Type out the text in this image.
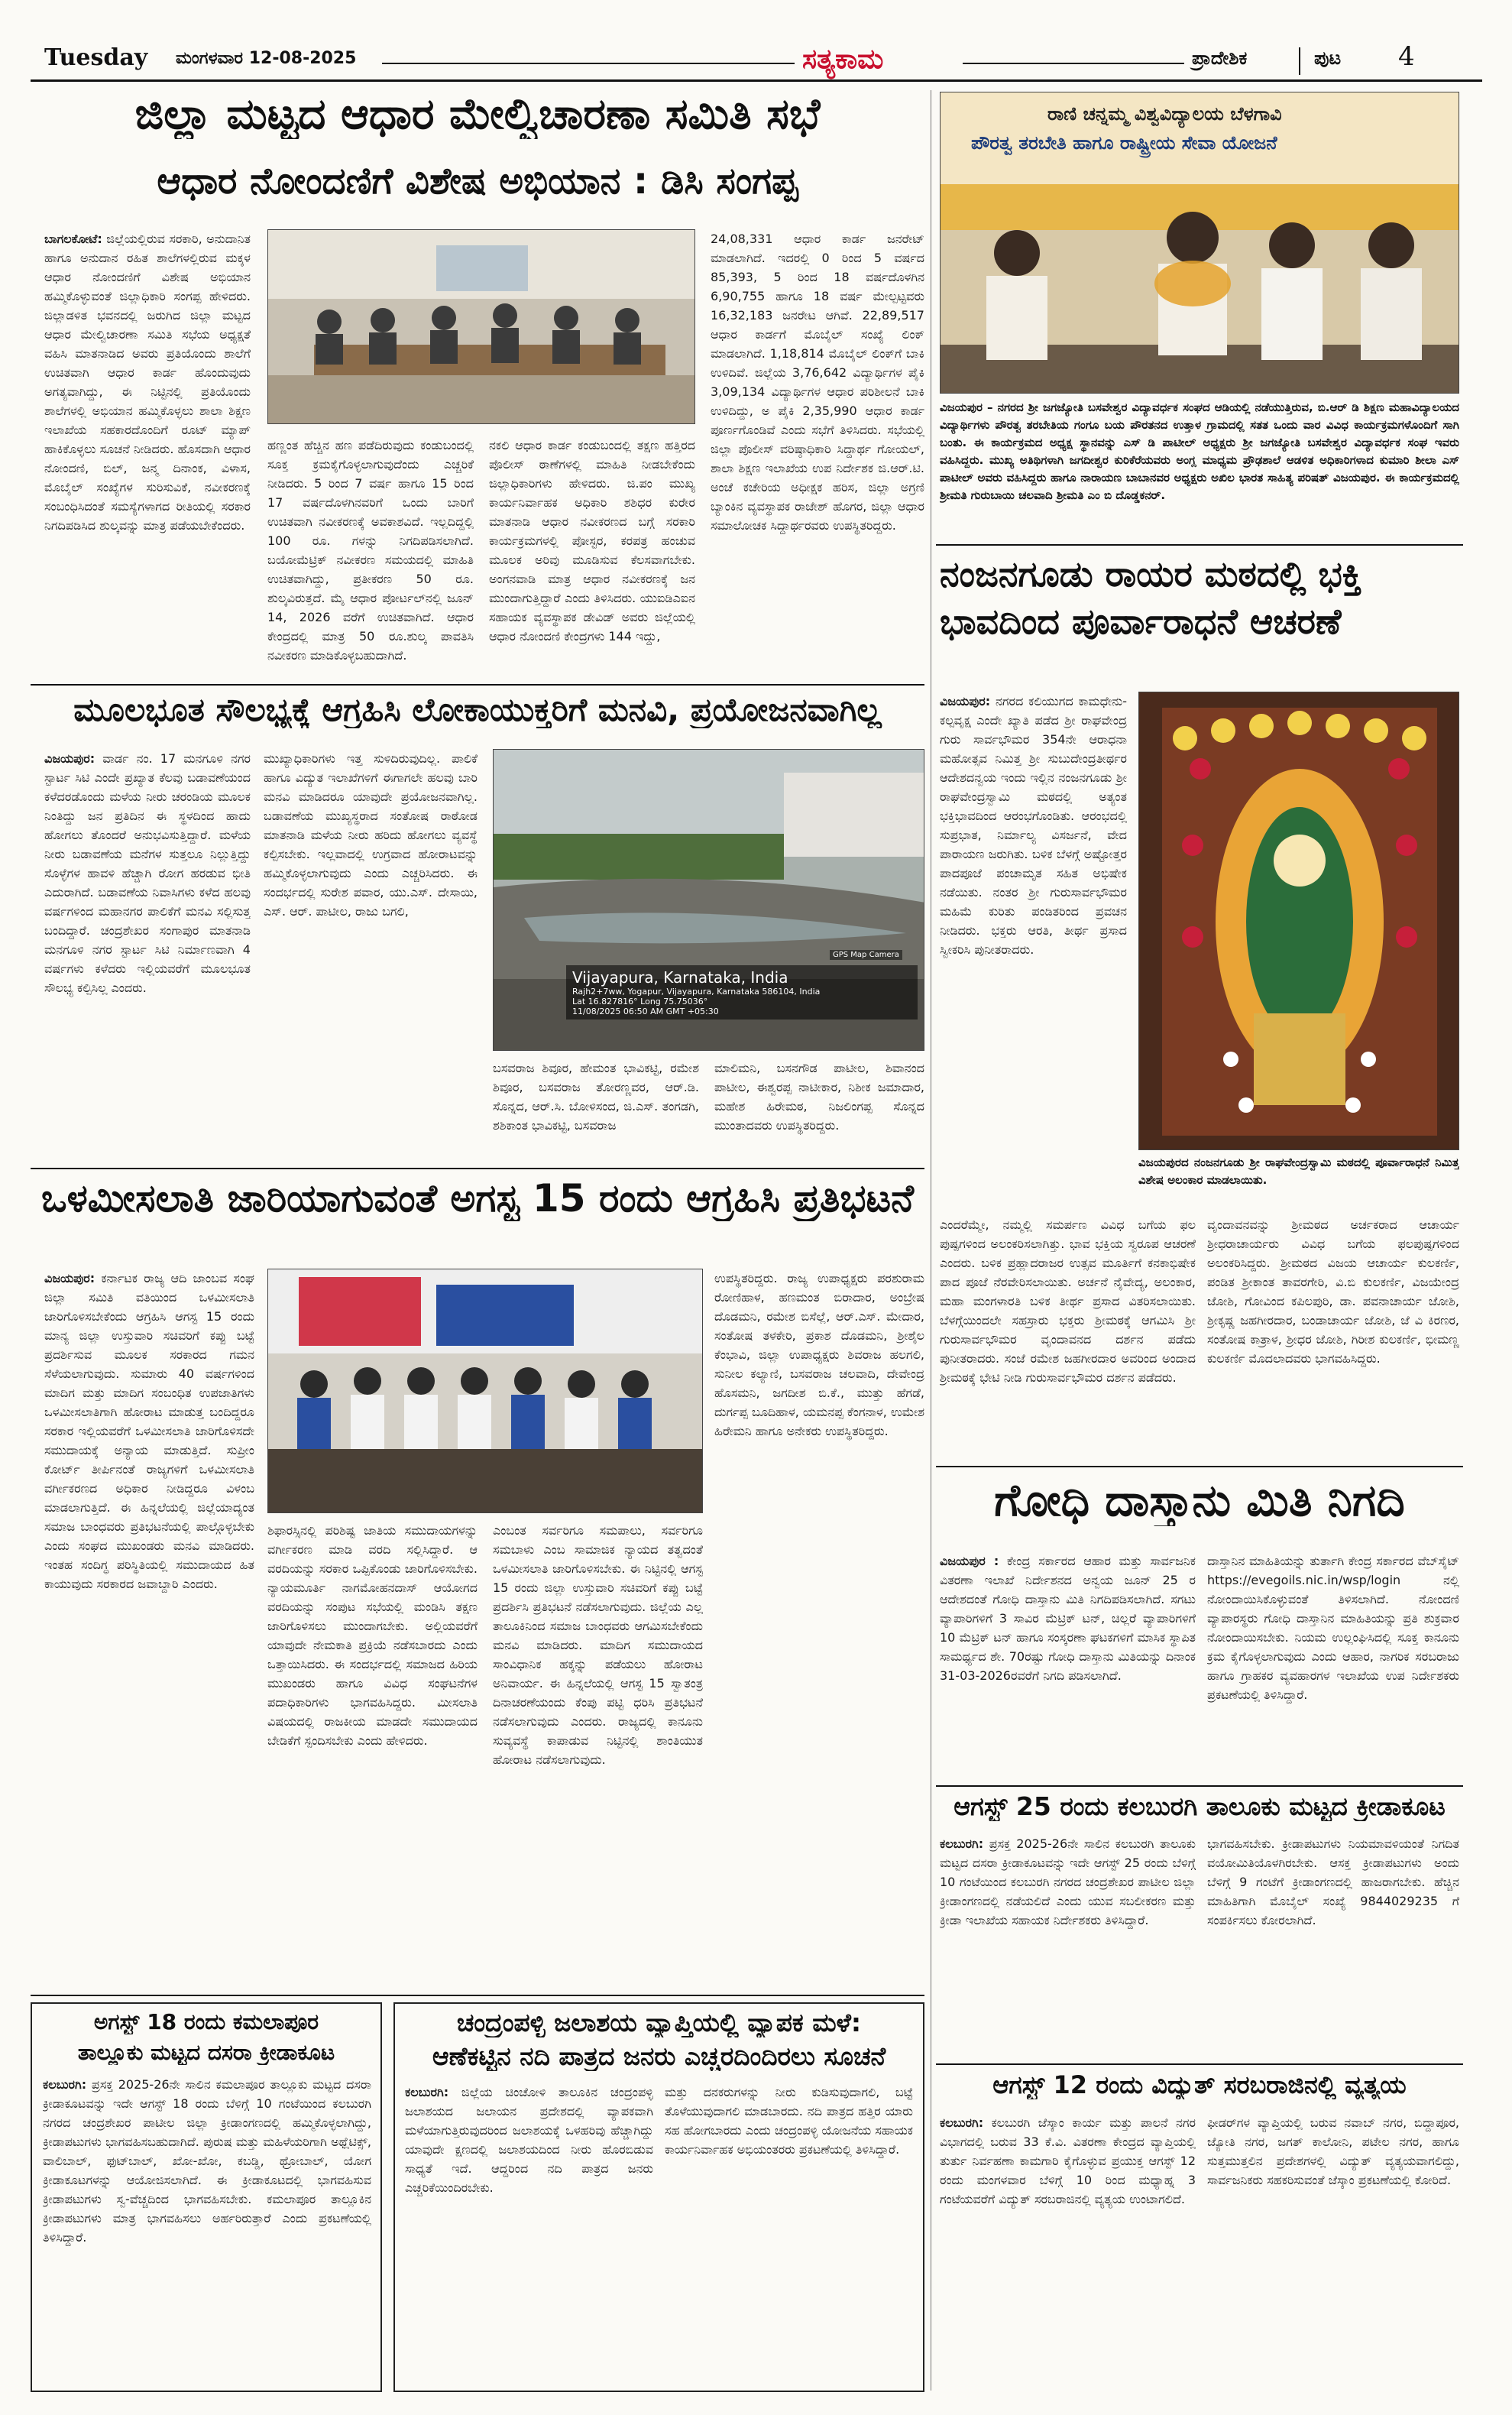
Tuesday ಮಂಗಳವಾರ 12-08-2025	ಸತ್ಯಕಾಮ	ಪ್ರಾದೇಶಿಕ	ಪುಟ 4
ಜಿಲ್ಲಾ ಮಟ್ಟದ ಆಧಾರ ಮೇಲ್ವಿಚಾರಣಾ ಸಮಿತಿ ಸಭೆ
ಆಧಾರ ನೋಂದಣಿಗೆ ವಿಶೇಷ ಅಭಿಯಾನ : ಡಿಸಿ ಸಂಗಪ್ಪ
ಬಾಗಲಕೋಟೆ: ಜಿಲ್ಲೆಯಲ್ಲಿರುವ ಸರಕಾರಿ, ಅನುದಾನಿತ ಹಾಗೂ ಅನುದಾನ ರಹಿತ ಶಾಲೆಗಳಲ್ಲಿರುವ ಮಕ್ಕಳ ಆಧಾರ ನೋಂದಣಿಗೆ ವಿಶೇಷ ಅಭಿಯಾನ ಹಮ್ಮಿಕೊಳ್ಳುವಂತೆ ಜಿಲ್ಲಾಧಿಕಾರಿ ಸಂಗಪ್ಪ ಹೇಳಿದರು. ಜಿಲ್ಲಾಡಳಿತ ಭವನದಲ್ಲಿ ಜರುಗಿದ ಜಿಲ್ಲಾ ಮಟ್ಟದ ಆಧಾರ ಮೇಲ್ವಿಚಾರಣಾ ಸಮಿತಿ ಸಭೆಯ ಅಧ್ಯಕ್ಷತೆ ವಹಿಸಿ ಮಾತನಾಡಿದ ಅವರು ಪ್ರತಿಯೊಂದು ಶಾಲೆಗೆ ಉಚಿತವಾಗಿ ಆಧಾರ ಕಾರ್ಡ ಹೊಂದುವುದು ಅಗತ್ಯವಾಗಿದ್ದು, ಈ ನಿಟ್ಟಿನಲ್ಲಿ ಪ್ರತಿಯೊಂದು ಶಾಲೆಗಳಲ್ಲಿ ಅಭಿಯಾನ ಹಮ್ಮಿಕೊಳ್ಳಲು ಶಾಲಾ ಶಿಕ್ಷಣ ಇಲಾಖೆಯ ಸಹಕಾರದೊಂದಿಗೆ ರೂಟ್ ಮ್ಯಾಪ್ ಹಾಕಿಕೊಳ್ಳಲು ಸೂಚನೆ ನೀಡಿದರು. ಹೊಸದಾಗಿ ಆಧಾರ ನೋಂದಣಿ, ಬಿಲ್, ಜನ್ಮ ದಿನಾಂಕ, ವಿಳಾಸ, ಮೊಬೈಲ್ ಸಂಖ್ಯೆಗಳ ಸುರಿಸುವಿಕೆ, ನವೀಕರಣಕ್ಕೆ ಸಂಬಂಧಿಸಿದಂತೆ ಸಮಸ್ಯೆಗಳಾಗದ ರೀತಿಯಲ್ಲಿ ಸರಕಾರ ನಿಗದಿಪಡಿಸಿದ ಶುಲ್ಕವನ್ನು ಮಾತ್ರ ಪಡೆಯಬೇಕೆಂದರು.
ಹಣ್ಣಂತ ಹೆಚ್ಚಿನ ಹಣ ಪಡೆದಿರುವುದು ಕಂಡುಬಂದಲ್ಲಿ ಸೂಕ್ತ ಕ್ರಮಕೈಗೊಳ್ಳಲಾಗುವುದೆಂದು ಎಚ್ಚರಿಕೆ ನೀಡಿದರು. 5 ರಿಂದ 7 ವರ್ಷ ಹಾಗೂ 15 ರಿಂದ 17 ವರ್ಷದೊಳಗಿನವರಿಗೆ ಒಂದು ಬಾರಿಗೆ ಉಚಿತವಾಗಿ ನವೀಕರಣಕ್ಕೆ ಅವಕಾಶವಿದೆ. ಇಲ್ಲದಿದ್ದಲ್ಲಿ 100 ರೂ. ಗಳನ್ನು ನಿಗದಿಪಡಿಸಲಾಗಿದೆ. ಬಯೋಮೆಟ್ರಿಕ್ ನವೀಕರಣ ಸಮಯದಲ್ಲಿ ಮಾಹಿತಿ ಉಚಿತವಾಗಿದ್ದು, ಪ್ರತೀಕರಣ 50 ರೂ. ಶುಲ್ಕವಿರುತ್ತದೆ. ಮೈ ಆಧಾರ ಪೋರ್ಟಲ್‌ನಲ್ಲಿ ಜೂನ್ 14, 2026 ವರೆಗೆ ಉಚಿತವಾಗಿದೆ. ಆಧಾರ ಕೇಂದ್ರದಲ್ಲಿ ಮಾತ್ರ 50 ರೂ.ಶುಲ್ಕ ಪಾವತಿಸಿ ನವೀಕರಣ ಮಾಡಿಕೊಳ್ಳಬಹುದಾಗಿದೆ.
ನಕಲಿ ಆಧಾರ ಕಾರ್ಡ ಕಂಡುಬಂದಲ್ಲಿ ತಕ್ಷಣ ಹತ್ತಿರದ ಪೊಲೀಸ್ ಠಾಣೆಗಳಲ್ಲಿ ಮಾಹಿತಿ ನೀಡಬೇಕೆಂದು ಜಿಲ್ಲಾಧಿಕಾರಿಗಳು ಹೇಳಿದರು. ಜಿ.ಪಂ ಮುಖ್ಯ ಕಾರ್ಯನಿರ್ವಾಹಕ ಅಧಿಕಾರಿ ಶಶಿಧರ ಕುರೇರ ಮಾತನಾಡಿ ಆಧಾರ ನವೀಕರಣದ ಬಗ್ಗೆ ಸರಕಾರಿ ಕಾರ್ಯಕ್ರಮಗಳಲ್ಲಿ ಪೋಸ್ಟರ, ಕರಪತ್ರ ಹಂಚುವ ಮೂಲಕ ಅರಿವು ಮೂಡಿಸುವ ಕೆಲಸವಾಗಬೇಕು. ಅಂಗನವಾಡಿ ಮಾತ್ರ ಆಧಾರ ನವೀಕರಣಕ್ಕೆ ಜನ ಮುಂದಾಗುತ್ತಿದ್ದಾರೆ ಎಂದು ತಿಳಿಸಿದರು. ಯುಐಡಿಎಐನ ಸಹಾಯಕ ವ್ಯವಸ್ಥಾಪಕ ಡೇವಿಡ್ ಅವರು ಜಿಲ್ಲೆಯಲ್ಲಿ ಆಧಾರ ನೋಂದಣಿ ಕೇಂದ್ರಗಳು 144 ಇದ್ದು,
24,08,331 ಆಧಾರ ಕಾರ್ಡ ಜನರೇಟ್ ಮಾಡಲಾಗಿದೆ. ಇದರಲ್ಲಿ 0 ರಿಂದ 5 ವರ್ಷದ 85,393, 5 ರಿಂದ 18 ವರ್ಷದೊಳಗಿನ 6,90,755 ಹಾಗೂ 18 ವರ್ಷ ಮೇಲ್ಪಟ್ಟವರು 16,32,183 ಜನರೇಟ ಆಗಿವೆ. 22,89,517 ಆಧಾರ ಕಾರ್ಡಗೆ ಮೊಬೈಲ್ ಸಂಖ್ಯೆ ಲಿಂಕ್ ಮಾಡಲಾಗಿದೆ. 1,18,814 ಮೊಬೈಲ್ ಲಿಂಕ್‌ಗೆ ಬಾಕಿ ಉಳಿದಿವೆ. ಜಿಲ್ಲೆಯ 3,76,642 ವಿದ್ಯಾರ್ಥಿಗಳ ಪೈಕಿ 3,09,134 ವಿದ್ಯಾರ್ಥಿಗಳ ಆಧಾರ ಪರಿಶೀಲನೆ ಬಾಕಿ ಉಳಿದಿದ್ದು, ಅ ಪೈಕಿ 2,35,990 ಆಧಾರ ಕಾರ್ಡ ಪೂರ್ಣಗೊಂಡಿವೆ ಎಂದು ಸಭೆಗೆ ತಿಳಿಸಿದರು. ಸಭೆಯಲ್ಲಿ ಜಿಲ್ಲಾ ಪೊಲೀಸ್ ವರಿಷ್ಠಾಧಿಕಾರಿ ಸಿದ್ದಾರ್ಥ ಗೋಯಲ್, ಶಾಲಾ ಶಿಕ್ಷಣ ಇಲಾಖೆಯ ಉಪ ನಿರ್ದೇಶಕ ಜಿ.ಆರ್.ಟಿ. ಅಂಚೆ ಕಚೇರಿಯ ಅಧೀಕ್ಷಕ ಹರಿಸ, ಜಿಲ್ಲಾ ಅಗ್ರಣಿ ಬ್ಯಾಂಕಿನ ವ್ಯವಸ್ಥಾಪಕ ರಾಜೇಶ್ ಹೊಗರ, ಜಿಲ್ಲಾ ಆಧಾರ ಸಮಾಲೋಚಕ ಸಿದ್ದಾರ್ಥರವರು ಉಪಸ್ಥಿತರಿದ್ದರು.
ರಾಣಿ ಚನ್ನಮ್ಮ ವಿಶ್ವವಿದ್ಯಾಲಯ ಬೆಳಗಾವಿ
ಪೌರತ್ವ ತರಬೇತಿ ಹಾಗೂ ರಾಷ್ಟ್ರೀಯ ಸೇವಾ ಯೋಜನೆ
ವಿಜಯಪುರ – ನಗರದ ಶ್ರೀ ಜಗಜ್ಯೋತಿ ಬಸವೇಶ್ವರ ವಿದ್ಯಾವರ್ಧಕ ಸಂಘದ ಆಡಿಯಲ್ಲಿ ನಡೆಯುತ್ತಿರುವ, ಬಿ.ಆರ್ ಡಿ ಶಿಕ್ಷಣ ಮಹಾವಿದ್ಯಾಲಯದ ವಿದ್ಯಾರ್ಥಿಗಳು ಪೌರತ್ವ ತರಬೇತಿಯ ಗಂಗೂ ಬಯ ಪೌರತನದ ಉತ್ತಾಳ ಗ್ರಾಮದಲ್ಲಿ ಸತತ ಒಂದು ವಾರ ವಿವಿಧ ಕಾರ್ಯಕ್ರಮಗಳೊಂದಿಗೆ ಸಾಗಿ ಬಂತು. ಈ ಕಾರ್ಯಕ್ರಮದ ಅಧ್ಯಕ್ಷ ಸ್ಥಾನವನ್ನು ಎಸ್ ಡಿ ಪಾಟೀಲ್ ಅಧ್ಯಕ್ಷರು ಶ್ರೀ ಜಗಜ್ಯೋತಿ ಬಸವೇಶ್ವರ ವಿದ್ಯಾವರ್ಧಕ ಸಂಘ ಇವರು ವಹಿಸಿದ್ದರು. ಮುಖ್ಯ ಅತಿಥಿಗಳಾಗಿ ಜಗದೀಶ್ವರ ಕುರಿಕೆರೆಯವರು ಅಂಗ್ಲ ಮಾಧ್ಯಮ ಪ್ರೌಢಶಾಲೆ ಆಡಳಿತ ಅಧಿಕಾರಿಗಳಾದ ಕುಮಾರಿ ಶೀಲಾ ಎಸ್ ಪಾಟೀಲ್ ಅವರು ವಹಿಸಿದ್ದರು ಹಾಗೂ ನಾರಾಯಣ ಬಾಬಾನವರ ಅಧ್ಯಕ್ಷರು ಅಖಿಲ ಭಾರತ ಸಾಹಿತ್ಯ ಪರಿಷತ್ ವಿಜಯಪುರ. ಈ ಕಾರ್ಯಕ್ರಮದಲ್ಲಿ ಶ್ರೀಮತಿ ಗುರುಬಾಯಿ ಚಲವಾದಿ ಶ್ರೀಮತಿ ಎಂ ಬಿ ದೊಡ್ಡಕನರ್.
ನಂಜನಗೂಡು ರಾಯರ ಮಠದಲ್ಲಿ ಭಕ್ತಿ ಭಾವದಿಂದ ಪೂರ್ವಾರಾಧನೆ ಆಚರಣೆ
ವಿಜಯಪುರ: ನಗರದ ಕಲಿಯುಗದ ಕಾಮಧೇನು-ಕಲ್ಪವೃಕ್ಷ ಎಂದೇ ಖ್ಯಾತಿ ಪಡೆದ ಶ್ರೀ ರಾಘವೇಂದ್ರ ಗುರು ಸಾರ್ವಭೌಮರ 354ನೇ ಆರಾಧನಾ ಮಹೋತ್ಸವ ನಿಮಿತ್ತ ಶ್ರೀ ಸುಬುದೇಂದ್ರತೀರ್ಥರ ಆದೇಶದನ್ವಯ ಇಂದು ಇಲ್ಲಿನ ನಂಜನಗೂಡು ಶ್ರೀ ರಾಘವೇಂದ್ರಸ್ವಾಮಿ ಮಠದಲ್ಲಿ ಅತ್ಯಂತ ಭಕ್ತಿಭಾವದಿಂದ ಆರಂಭಗೊಂಡಿತು. ಆರಂಭದಲ್ಲಿ ಸುಪ್ರಭಾತ, ನಿರ್ಮಾಲ್ಯ ವಿಸರ್ಜನೆ, ವೇದ ಪಾರಾಯಣ ಜರುಗಿತು. ಬಳಿಕ ಬೆಳಗ್ಗೆ ಅಷ್ಟೋತ್ತರ ಪಾದಪೂಜೆ ಪಂಚಾಮೃತ ಸಹಿತ ಅಭಿಷೇಕ ನಡೆಯಿತು. ನಂತರ ಶ್ರೀ ಗುರುಸಾರ್ವಭೌಮರ ಮಹಿಮೆ ಕುರಿತು ಪಂಡಿತರಿಂದ ಪ್ರವಚನ ನೀಡಿದರು. ಭಕ್ತರು ಆರತಿ, ತೀರ್ಥ ಪ್ರಸಾದ ಸ್ವೀಕರಿಸಿ ಪುನೀತರಾದರು.
ವಿಜಯಪುರದ ನಂಜನಗೂಡು ಶ್ರೀ ರಾಘವೇಂದ್ರಸ್ವಾಮಿ ಮಠದಲ್ಲಿ ಪೂರ್ವಾರಾಧನೆ ನಿಮಿತ್ತ ವಿಶೇಷ ಅಲಂಕಾರ ಮಾಡಲಾಯಿತು.
ಎಂದರೆಮ್ಮೇ, ನಮ್ಮಲ್ಲಿ ಸಮರ್ಪಣ ವಿವಿಧ ಬಗೆಯ ಫಲ ಪುಷ್ಪಗಳಿಂದ ಅಲಂಕರಿಸಲಾಗಿತ್ತು. ಭಾವ ಭಕ್ತಿಯ ಸ್ವರೂಪ ಆಚರಣೆ ಎಂದರು. ಬಳಿಕ ಪ್ರಹ್ಲಾದರಾಜರ ಉತ್ಸವ ಮೂರ್ತಿಗೆ ಕನಕಾಭಿಷೇಕ ಪಾದ ಪೂಜೆ ನೆರವೇರಿಸಲಾಯಿತು. ಅರ್ಚನೆ ನೈವೇದ್ಯ, ಅಲಂಕಾರ, ಮಹಾ ಮಂಗಳಾರತಿ ಬಳಿಕ ತೀರ್ಥ ಪ್ರಸಾದ ವಿತರಿಸಲಾಯಿತು. ಬೆಳಗ್ಗೆಯಿಂದಲೇ ಸಹಸ್ರಾರು ಭಕ್ತರು ಶ್ರೀಮಠಕ್ಕೆ ಆಗಮಿಸಿ ಶ್ರೀ ಗುರುಸಾರ್ವಭೌಮರ ವೃಂದಾವನದ ದರ್ಶನ ಪಡೆದು ಪುನೀತರಾದರು. ಸಂಜೆ ರಮೇಶ ಜಹಗೀರದಾರ ಅವರಿಂದ ಅಂದಾದ ಶ್ರೀಮಠಕ್ಕೆ ಭೇಟಿ ನೀಡಿ ಗುರುಸಾರ್ವಭೌಮರ ದರ್ಶನ ಪಡೆದರು.
ವೃಂದಾವನವನ್ನು ಶ್ರೀಮಠದ ಅರ್ಚಕರಾದ ಆಚಾರ್ಯ ಶ್ರೀಧರಾಚಾರ್ಯರು ವಿವಿಧ ಬಗೆಯ ಫಲಪುಷ್ಪಗಳಿಂದ ಅಲಂಕರಿಸಿದ್ದರು. ಶ್ರೀಮಠದ ವಿಜಯ ಆಚಾರ್ಯ ಕುಲಕರ್ಣಿ, ಪಂಡಿತ ಶ್ರೀಕಾಂತ ತಾವರಗೇರಿ, ವಿ.ಬಿ ಕುಲಕರ್ಣಿ, ವಿಜಯೇಂದ್ರ ಜೋಶಿ, ಗೋವಿಂದ ಕಪಿಲಪುರಿ, ಡಾ. ಪವನಾಚಾರ್ಯ ಜೋಶಿ, ಶ್ರೀಕೃಷ್ಣ ಜಹಗೀರದಾರ, ಬಂಡಾಚಾರ್ಯ ಜೋಶಿ, ಜೆ ವಿ ಕಿರಣರ, ಸಂತೋಷ ಕಾತ್ರಾಳ, ಶ್ರೀಧರ ಜೋಶಿ, ಗಿರೀಶ ಕುಲಕರ್ಣಿ, ಭೀಮಣ್ಣ ಕುಲಕರ್ಣಿ ಮೊದಲಾದವರು ಭಾಗವಹಿಸಿದ್ದರು.
ಮೂಲಭೂತ ಸೌಲಭ್ಯಕ್ಕೆ ಆಗ್ರಹಿಸಿ ಲೋಕಾಯುಕ್ತರಿಗೆ ಮನವಿ, ಪ್ರಯೋಜನವಾಗಿಲ್ಲ
ವಿಜಯಪುರ: ವಾರ್ಡ ನಂ. 17 ಮನಗೂಳಿ ನಗರ ಸ್ಟಾರ್ಟ ಸಿಟಿ ಎಂದೇ ಪ್ರಖ್ಯಾತ ಕೆಲವು ಬಡಾವಣೆಯಂದ ಕಳೆದರಡೊಂದು ಮಳೆಯ ನೀರು ಚರಂಡಿಯ ಮೂಲಕ ನಿಂತಿದ್ದು ಜನ ಪ್ರತಿದಿನ ಈ ಸ್ಥಳದಿಂದ ಹಾದು ಹೋಗಲು ತೊಂದರೆ ಅನುಭವಿಸುತ್ತಿದ್ದಾರೆ. ಮಳೆಯ ನೀರು ಬಡಾವಣೆಯ ಮನೆಗಳ ಸುತ್ತಲೂ ನಿಲ್ಲುತ್ತಿದ್ದು ಸೊಳ್ಳೆಗಳ ಹಾವಳಿ ಹೆಚ್ಚಾಗಿ ರೋಗ ಹರಡುವ ಭೀತಿ ಎದುರಾಗಿದೆ. ಬಡಾವಣೆಯ ನಿವಾಸಿಗಳು ಕಳೆದ ಹಲವು ವರ್ಷಗಳಿಂದ ಮಹಾನಗರ ಪಾಲಿಕೆಗೆ ಮನವಿ ಸಲ್ಲಿಸುತ್ತ ಬಂದಿದ್ದಾರೆ. ಚಂದ್ರಶೇಖರ ಸಂಗಾಪುರ ಮಾತನಾಡಿ ಮನಗೂಳಿ ನಗರ ಸ್ಟಾರ್ಟ ಸಿಟಿ ನಿರ್ಮಾಣವಾಗಿ 4 ವರ್ಷಗಳು ಕಳೆದರು ಇಲ್ಲಿಯವರೆಗೆ ಮೂಲಭೂತ ಸೌಲಭ್ಯ ಕಲ್ಪಿಸಿಲ್ಲ ಎಂದರು.
ಮುಖ್ಯಾಧಿಕಾರಿಗಳು ಇತ್ತ ಸುಳಿದಿರುವುದಿಲ್ಲ. ಪಾಲಿಕೆ ಹಾಗೂ ವಿದ್ಯುತ ಇಲಾಖೆಗಳಿಗೆ ಈಗಾಗಲೇ ಹಲವು ಬಾರಿ ಮನವಿ ಮಾಡಿದರೂ ಯಾವುದೇ ಪ್ರಯೋಜನವಾಗಿಲ್ಲ. ಬಡಾವಣೆಯ ಮುಖ್ಯಸ್ಥರಾದ ಸಂತೋಷ ರಾಠೋಡ ಮಾತನಾಡಿ ಮಳೆಯ ನೀರು ಹರಿದು ಹೋಗಲು ವ್ಯವಸ್ಥೆ ಕಲ್ಪಿಸಬೇಕು. ಇಲ್ಲವಾದಲ್ಲಿ ಉಗ್ರವಾದ ಹೋರಾಟವನ್ನು ಹಮ್ಮಿಕೊಳ್ಳಲಾಗುವುದು ಎಂದು ಎಚ್ಚರಿಸಿದರು. ಈ ಸಂದರ್ಭದಲ್ಲಿ ಸುರೇಶ ಪವಾರ, ಯು.ಎಸ್. ದೇಸಾಯಿ, ಎಸ್. ಆರ್. ಪಾಟೀಲ, ರಾಜು ಬಗಲಿ,
GPS Map Camera
Vijayapura, Karnataka, India
Rajh2+7ww, Yogapur, Vijayapura, Karnataka 586104, India
Lat 16.827816° Long 75.75036°
11/08/2025 06:50 AM GMT +05:30
ಬಸವರಾಜ ಶಿವೂರ, ಹೇಮಂತ ಭಾವಿಕಟ್ಟಿ, ರಮೇಶ ಶಿವೂರ, ಬಸವರಾಜ ತೋರಣ್ಣವರ, ಆರ್.ಡಿ. ಸೊನ್ನದ, ಆರ್.ಸಿ. ಬೋಳಿಸಂದ, ಜಿ.ಎಸ್. ತಂಗಡಗಿ, ಶಶಿಕಾಂತ ಭಾವಿಕಟ್ಟಿ, ಬಸವರಾಜ
ಮಾಲಿಮನಿ, ಬಸನಗೌಡ ಪಾಟೀಲ, ಶಿವಾನಂದ ಪಾಟೀಲ, ಈಶ್ವರಪ್ಪ ನಾಟೀಕಾರ, ನಿಶೀಕ ಜಮಾದಾರ, ಮಹೇಶ ಹಿರೇಮಠ, ನಿಜಲಿಂಗಪ್ಪ ಸೊನ್ನದ ಮುಂತಾದವರು ಉಪಸ್ಥಿತರಿದ್ದರು.
ಒಳಮೀಸಲಾತಿ ಜಾರಿಯಾಗುವಂತೆ ಅಗಸ್ಟ 15 ರಂದು ಆಗ್ರಹಿಸಿ ಪ್ರತಿಭಟನೆ
ವಿಜಯಪುರ: ಕರ್ನಾಟಕ ರಾಜ್ಯ ಆದಿ ಜಾಂಬವ ಸಂಘ ಜಿಲ್ಲಾ ಸಮಿತಿ ವತಿಯಿಂದ ಒಳಮೀಸಲಾತಿ ಜಾರಿಗೊಳಿಸಬೇಕೆಂದು ಆಗ್ರಹಿಸಿ ಆಗಸ್ಟ 15 ರಂದು ಮಾನ್ಯ ಜಿಲ್ಲಾ ಉಸ್ತುವಾರಿ ಸಚಿವರಿಗೆ ಕಪ್ಪು ಬಟ್ಟೆ ಪ್ರದರ್ಶಿಸುವ ಮೂಲಕ ಸರಕಾರದ ಗಮನ ಸೆಳೆಯಲಾಗುವುದು. ಸುಮಾರು 40 ವರ್ಷಗಳಿಂದ ಮಾದಿಗ ಮತ್ತು ಮಾದಿಗ ಸಂಬಂಧಿತ ಉಪಜಾತಿಗಳು ಒಳಮೀಸಲಾತಿಗಾಗಿ ಹೋರಾಟ ಮಾಡುತ್ತ ಬಂದಿದ್ದರೂ ಸರಕಾರ ಇಲ್ಲಿಯವರೆಗೆ ಒಳಮೀಸಲಾತಿ ಜಾರಿಗೊಳಿಸದೇ ಸಮುದಾಯಕ್ಕೆ ಅನ್ಯಾಯ ಮಾಡುತ್ತಿದೆ. ಸುಪ್ರೀಂ ಕೋರ್ಟ್ ತೀರ್ಪಿನಂತೆ ರಾಜ್ಯಗಳಿಗೆ ಒಳಮೀಸಲಾತಿ ವರ್ಗೀಕರಣದ ಅಧಿಕಾರ ನೀಡಿದ್ದರೂ ವಿಳಂಬ ಮಾಡಲಾಗುತ್ತಿದೆ. ಈ ಹಿನ್ನಲೆಯಲ್ಲಿ ಜಿಲ್ಲೆಯಾದ್ಯಂತ ಸಮಾಜ ಬಾಂಧವರು ಪ್ರತಿಭಟನೆಯಲ್ಲಿ ಪಾಲ್ಗೊಳ್ಳಬೇಕು ಎಂದು ಸಂಘದ ಮುಖಂಡರು ಮನವಿ ಮಾಡಿದರು. ಇಂತಹ ಸಂದಿಗ್ಧ ಪರಿಸ್ಥಿತಿಯಲ್ಲಿ ಸಮುದಾಯದ ಹಿತ ಕಾಯುವುದು ಸರಕಾರದ ಜವಾಬ್ದಾರಿ ಎಂದರು.
ಶಿಫಾರಸ್ಸಿನಲ್ಲಿ ಪರಿಶಿಷ್ಟ ಜಾತಿಯ ಸಮುದಾಯಗಳನ್ನು ವರ್ಗೀಕರಣ ಮಾಡಿ ವರದಿ ಸಲ್ಲಿಸಿದ್ದಾರೆ. ಆ ವರದಿಯನ್ನು ಸರಕಾರ ಒಪ್ಪಿಕೊಂಡು ಜಾರಿಗೊಳಿಸಬೇಕು. ನ್ಯಾಯಮೂರ್ತಿ ನಾಗಮೋಹನದಾಸ್ ಆಯೋಗದ ವರದಿಯನ್ನು ಸಂಪುಟ ಸಭೆಯಲ್ಲಿ ಮಂಡಿಸಿ ತಕ್ಷಣ ಜಾರಿಗೊಳಿಸಲು ಮುಂದಾಗಬೇಕು. ಅಲ್ಲಿಯವರೆಗೆ ಯಾವುದೇ ನೇಮಕಾತಿ ಪ್ರಕ್ರಿಯೆ ನಡೆಸಬಾರದು ಎಂದು ಒತ್ತಾಯಿಸಿದರು. ಈ ಸಂದರ್ಭದಲ್ಲಿ ಸಮಾಜದ ಹಿರಿಯ ಮುಖಂಡರು ಹಾಗೂ ವಿವಿಧ ಸಂಘಟನೆಗಳ ಪದಾಧಿಕಾರಿಗಳು ಭಾಗವಹಿಸಿದ್ದರು. ಮೀಸಲಾತಿ ವಿಷಯದಲ್ಲಿ ರಾಜಕೀಯ ಮಾಡದೇ ಸಮುದಾಯದ ಬೇಡಿಕೆಗೆ ಸ್ಪಂದಿಸಬೇಕು ಎಂದು ಹೇಳಿದರು.
ಎಂಬಂತ ಸರ್ವರಿಗೂ ಸಮಪಾಲು, ಸರ್ವರಿಗೂ ಸಮಬಾಳು ಎಂಬ ಸಾಮಾಜಿಕ ನ್ಯಾಯದ ತತ್ವದಂತೆ ಒಳಮೀಸಲಾತಿ ಜಾರಿಗೊಳಿಸಬೇಕು. ಈ ನಿಟ್ಟಿನಲ್ಲಿ ಆಗಸ್ಟ 15 ರಂದು ಜಿಲ್ಲಾ ಉಸ್ತುವಾರಿ ಸಚಿವರಿಗೆ ಕಪ್ಪು ಬಟ್ಟೆ ಪ್ರದರ್ಶಿಸಿ ಪ್ರತಿಭಟನೆ ನಡೆಸಲಾಗುವುದು. ಜಿಲ್ಲೆಯ ಎಲ್ಲ ತಾಲೂಕಿನಿಂದ ಸಮಾಜ ಬಾಂಧವರು ಆಗಮಿಸಬೇಕೆಂದು ಮನವಿ ಮಾಡಿದರು. ಮಾದಿಗ ಸಮುದಾಯದ ಸಾಂವಿಧಾನಿಕ ಹಕ್ಕನ್ನು ಪಡೆಯಲು ಹೋರಾಟ ಅನಿವಾರ್ಯ. ಈ ಹಿನ್ನಲೆಯಲ್ಲಿ ಆಗಸ್ಟ 15 ಸ್ವಾತಂತ್ರ ದಿನಾಚರಣೆಯಂದು ಕೆಂಪು ಪಟ್ಟಿ ಧರಿಸಿ ಪ್ರತಿಭಟನೆ ನಡೆಸಲಾಗುವುದು ಎಂದರು. ರಾಜ್ಯದಲ್ಲಿ ಕಾನೂನು ಸುವ್ಯವಸ್ಥೆ ಕಾಪಾಡುವ ನಿಟ್ಟಿನಲ್ಲಿ ಶಾಂತಿಯುತ ಹೋರಾಟ ನಡೆಸಲಾಗುವುದು.
ಉಪಸ್ಥಿತರಿದ್ದರು. ರಾಜ್ಯ ಉಪಾಧ್ಯಕ್ಷರು ಪರಶುರಾಮ ರೋಣಿಹಾಳ, ಹಣಮಂತ ಬಿರಾದಾರ, ಅಂಬ್ರೇಷ ದೊಡಮನಿ, ರಮೇಶ ಬಿಸೆಲ್ಲೆ, ಆರ್.ಎಸ್. ಮೇದಾರ, ಸಂತೋಷ ತಳಕೇರಿ, ಪ್ರಕಾಶ ದೊಡಮನಿ, ಶ್ರೀಶೈಲ ಕೆಂಭಾವಿ, ಜಿಲ್ಲಾ ಉಪಾಧ್ಯಕ್ಷರು ಶಿವರಾಜ ಹಲಗಲಿ, ಸುನೀಲ ಕಲ್ಯಾಣಿ, ಬಸವರಾಜ ಚಲವಾದಿ, ದೇವೇಂದ್ರ ಹೊಸಮನಿ, ಜಗದೀಶ ಬಿ.ಕೆ., ಮುತ್ತು ಹೆಗಡೆ, ದುರ್ಗಪ್ಪ ಬೂದಿಹಾಳ, ಯಮನಪ್ಪ ಕೆಂಗನಾಳ, ಉಮೇಶ ಹಿರೇಮನಿ ಹಾಗೂ ಅನೇಕರು ಉಪಸ್ಥಿತರಿದ್ದರು.
ಗೋಧಿ ದಾಸ್ತಾನು ಮಿತಿ ನಿಗದಿ
ವಿಜಯಪುರ : ಕೇಂದ್ರ ಸರ್ಕಾರದ ಆಹಾರ ಮತ್ತು ಸಾರ್ವಜನಿಕ ವಿತರಣಾ ಇಲಾಖೆ ನಿರ್ದೇಶನದ ಅನ್ವಯ ಜೂನ್ 25 ರ ಆದೇಶದಂತೆ ಗೋಧಿ ದಾಸ್ತಾನು ಮಿತಿ ನಿಗದಿಪಡಿಸಲಾಗಿದೆ. ಸಗಟು ವ್ಯಾಪಾರಿಗಳಿಗೆ 3 ಸಾವಿರ ಮೆಟ್ರಿಕ್ ಟನ್, ಚಿಲ್ಲರೆ ವ್ಯಾಪಾರಿಗಳಿಗೆ 10 ಮೆಟ್ರಿಕ್ ಟನ್ ಹಾಗೂ ಸಂಸ್ಕರಣಾ ಘಟಕಗಳಿಗೆ ಮಾಸಿಕ ಸ್ಥಾಪಿತ ಸಾಮರ್ಥ್ಯದ ಶೇ. 70ರಷ್ಟು ಗೋಧಿ ದಾಸ್ತಾನು ಮಿತಿಯನ್ನು ದಿನಾಂಕ 31-03-2026ರವರೆಗೆ ನಿಗದಿ ಪಡಿಸಲಾಗಿದೆ.
ದಾಸ್ತಾನಿನ ಮಾಹಿತಿಯನ್ನು ತುರ್ತಾಗಿ ಕೇಂದ್ರ ಸರ್ಕಾರದ ವೆಬ್‌ಸೈಟ್ https://evegoils.nic.in/wsp/login ನಲ್ಲಿ ನೋಂದಾಯಿಸಿಕೊಳ್ಳುವಂತೆ ತಿಳಿಸಲಾಗಿದೆ. ನೋಂದಣಿ ವ್ಯಾಪಾರಸ್ಥರು ಗೋಧಿ ದಾಸ್ತಾನಿನ ಮಾಹಿತಿಯನ್ನು ಪ್ರತಿ ಶುಕ್ರವಾರ ನೋಂದಾಯಿಸಬೇಕು. ನಿಯಮ ಉಲ್ಲಂಘಿಸಿದಲ್ಲಿ ಸೂಕ್ತ ಕಾನೂನು ಕ್ರಮ ಕೈಗೊಳ್ಳಲಾಗುವುದು ಎಂದು ಆಹಾರ, ನಾಗರಿಕ ಸರಬರಾಜು ಹಾಗೂ ಗ್ರಾಹಕರ ವ್ಯವಹಾರಗಳ ಇಲಾಖೆಯ ಉಪ ನಿರ್ದೇಶಕರು ಪ್ರಕಟಣೆಯಲ್ಲಿ ತಿಳಿಸಿದ್ದಾರೆ.
ಆಗಸ್ಟ್ 25 ರಂದು ಕಲಬುರಗಿ ತಾಲೂಕು ಮಟ್ಟದ ಕ್ರೀಡಾಕೂಟ
ಕಲಬುರಗಿ: ಪ್ರಸಕ್ತ 2025-26ನೇ ಸಾಲಿನ ಕಲಬುರಗಿ ತಾಲೂಕು ಮಟ್ಟದ ದಸರಾ ಕ್ರೀಡಾಕೂಟವನ್ನು ಇದೇ ಆಗಸ್ಟ್ 25 ರಂದು ಬೆಳಿಗ್ಗೆ 10 ಗಂಟೆಯಿಂದ ಕಲಬುರಗಿ ನಗರದ ಚಂದ್ರಶೇಖರ ಪಾಟೀಲ ಜಿಲ್ಲಾ ಕ್ರೀಡಾಂಗಣದಲ್ಲಿ ನಡೆಯಲಿದೆ ಎಂದು ಯುವ ಸಬಲೀಕರಣ ಮತ್ತು ಕ್ರೀಡಾ ಇಲಾಖೆಯ ಸಹಾಯಕ ನಿರ್ದೇಶಕರು ತಿಳಿಸಿದ್ದಾರೆ.
ಭಾಗವಹಿಸಬೇಕು. ಕ್ರೀಡಾಪಟುಗಳು ನಿಯಮಾವಳಿಯಂತೆ ನಿಗದಿತ ವಯೋಮಿತಿಯೊಳಗಿರಬೇಕು. ಆಸಕ್ತ ಕ್ರೀಡಾಪಟುಗಳು ಅಂದು ಬೆಳಿಗ್ಗೆ 9 ಗಂಟೆಗೆ ಕ್ರೀಡಾಂಗಣದಲ್ಲಿ ಹಾಜರಾಗಬೇಕು. ಹೆಚ್ಚಿನ ಮಾಹಿತಿಗಾಗಿ ಮೊಬೈಲ್ ಸಂಖ್ಯೆ 9844029235 ಗೆ ಸಂಪರ್ಕಿಸಲು ಕೋರಲಾಗಿದೆ.
ಆಗಸ್ಟ್ 12 ರಂದು ವಿದ್ಯುತ್ ಸರಬರಾಜಿನಲ್ಲಿ ವ್ಯತ್ಯಯ
ಕಲಬುರಗಿ: ಕಲಬುರಗಿ ಜೆಸ್ಕಾಂ ಕಾರ್ಯ ಮತ್ತು ಪಾಲನೆ ನಗರ ವಿಭಾಗದಲ್ಲಿ ಬರುವ 33 ಕೆ.ವಿ. ವಿತರಣಾ ಕೇಂದ್ರದ ವ್ಯಾಪ್ತಿಯಲ್ಲಿ ತುರ್ತು ನಿರ್ವಹಣಾ ಕಾಮಗಾರಿ ಕೈಗೊಳ್ಳುವ ಪ್ರಯುಕ್ತ ಆಗಸ್ಟ್ 12 ರಂದು ಮಂಗಳವಾರ ಬೆಳಿಗ್ಗೆ 10 ರಿಂದ ಮಧ್ಯಾಹ್ನ 3 ಗಂಟೆಯವರೆಗೆ ವಿದ್ಯುತ್ ಸರಬರಾಜಿನಲ್ಲಿ ವ್ಯತ್ಯಯ ಉಂಟಾಗಲಿದೆ.
ಫೀಡರ್‌ಗಳ ವ್ಯಾಪ್ತಿಯಲ್ಲಿ ಬರುವ ನವಾಬ್ ನಗರ, ಬಿದ್ದಾಪೂರ, ಜ್ಯೋತಿ ನಗರ, ಜಗತ್ ಕಾಲೋನಿ, ಪಟೇಲ ನಗರ, ಹಾಗೂ ಸುತ್ತಮುತ್ತಲಿನ ಪ್ರದೇಶಗಳಲ್ಲಿ ವಿದ್ಯುತ್ ವ್ಯತ್ಯಯವಾಗಲಿದ್ದು, ಸಾರ್ವಜನಿಕರು ಸಹಕರಿಸುವಂತೆ ಜೆಸ್ಕಾಂ ಪ್ರಕಟಣೆಯಲ್ಲಿ ಕೋರಿದೆ.
ಅಗಸ್ಟ್ 18 ರಂದು ಕಮಲಾಪೂರ
ತಾಲ್ಲೂಕು ಮಟ್ಟದ ದಸರಾ ಕ್ರೀಡಾಕೂಟ
ಕಲಬುರಗಿ: ಪ್ರಸಕ್ತ 2025-26ನೇ ಸಾಲಿನ ಕಮಲಾಪೂರ ತಾಲ್ಲೂಕು ಮಟ್ಟದ ದಸರಾ ಕ್ರೀಡಾಕೂಟವನ್ನು ಇದೇ ಆಗಸ್ಟ್ 18 ರಂದು ಬೆಳಿಗ್ಗೆ 10 ಗಂಟೆಯಿಂದ ಕಲಬುರಗಿ ನಗರದ ಚಂದ್ರಶೇಖರ ಪಾಟೀಲ ಜಿಲ್ಲಾ ಕ್ರೀಡಾಂಗಣದಲ್ಲಿ ಹಮ್ಮಿಕೊಳ್ಳಲಾಗಿದ್ದು, ಕ್ರೀಡಾಪಟುಗಳು ಭಾಗವಹಿಸಬಹುದಾಗಿದೆ. ಪುರುಷ ಮತ್ತು ಮಹಿಳೆಯರಿಗಾಗಿ ಅಥ್ಲೆಟಿಕ್ಸ್, ವಾಲಿಬಾಲ್, ಫುಟ್‌ಬಾಲ್, ಖೋ-ಖೋ, ಕಬಡ್ಡಿ, ಥ್ರೋಬಾಲ್, ಯೋಗ ಕ್ರೀಡಾಕೂಟಗಳನ್ನು ಆಯೋಜಿಸಲಾಗಿದೆ. ಈ ಕ್ರೀಡಾಕೂಟದಲ್ಲಿ ಭಾಗವಹಿಸುವ ಕ್ರೀಡಾಪಟುಗಳು ಸ್ವ-ವೆಚ್ಚದಿಂದ ಭಾಗವಹಿಸಬೇಕು. ಕಮಲಾಪೂರ ತಾಲ್ಲೂಕಿನ ಕ್ರೀಡಾಪಟುಗಳು ಮಾತ್ರ ಭಾಗವಹಿಸಲು ಅರ್ಹರಿರುತ್ತಾರೆ ಎಂದು ಪ್ರಕಟಣೆಯಲ್ಲಿ ತಿಳಿಸಿದ್ದಾರೆ.
ಚಂದ್ರಂಪಳ್ಳಿ ಜಲಾಶಯ ವ್ಯಾಪ್ತಿಯಲ್ಲಿ ವ್ಯಾಪಕ ಮಳೆ:
ಆಣೆಕಟ್ಟಿನ ನದಿ ಪಾತ್ರದ ಜನರು ಎಚ್ಚರದಿಂದಿರಲು ಸೂಚನೆ
ಕಲಬುರಗಿ: ಜಿಲ್ಲೆಯ ಚಿಂಚೋಳಿ ತಾಲೂಕಿನ ಚಂದ್ರಂಪಳ್ಳಿ ಜಲಾಶಯದ ಜಲಾಯನ ಪ್ರದೇಶದಲ್ಲಿ ವ್ಯಾಪಕವಾಗಿ ಮಳೆಯಾಗುತ್ತಿರುವುದರಿಂದ ಜಲಾಶಯಕ್ಕೆ ಒಳಹರಿವು ಹೆಚ್ಚಾಗಿದ್ದು ಯಾವುದೇ ಕ್ಷಣದಲ್ಲಿ ಜಲಾಶಯದಿಂದ ನೀರು ಹೊರಬಿಡುವ ಸಾಧ್ಯತೆ ಇದೆ. ಆದ್ದರಿಂದ ನದಿ ಪಾತ್ರದ ಜನರು ಎಚ್ಚರಿಕೆಯಿಂದಿರಬೇಕು.
ಮತ್ತು ದನಕರುಗಳನ್ನು ನೀರು ಕುಡಿಸುವುದಾಗಲಿ, ಬಟ್ಟೆ ತೊಳೆಯುವುದಾಗಲಿ ಮಾಡಬಾರದು. ನದಿ ಪಾತ್ರದ ಹತ್ತಿರ ಯಾರು ಸಹ ಹೋಗಬಾರದು ಎಂದು ಚಂದ್ರಂಪಳ್ಳಿ ಯೋಜನೆಯ ಸಹಾಯಕ ಕಾರ್ಯನಿರ್ವಾಹಕ ಅಭಿಯಂತರರು ಪ್ರಕಟಣೆಯಲ್ಲಿ ತಿಳಿಸಿದ್ದಾರೆ.
